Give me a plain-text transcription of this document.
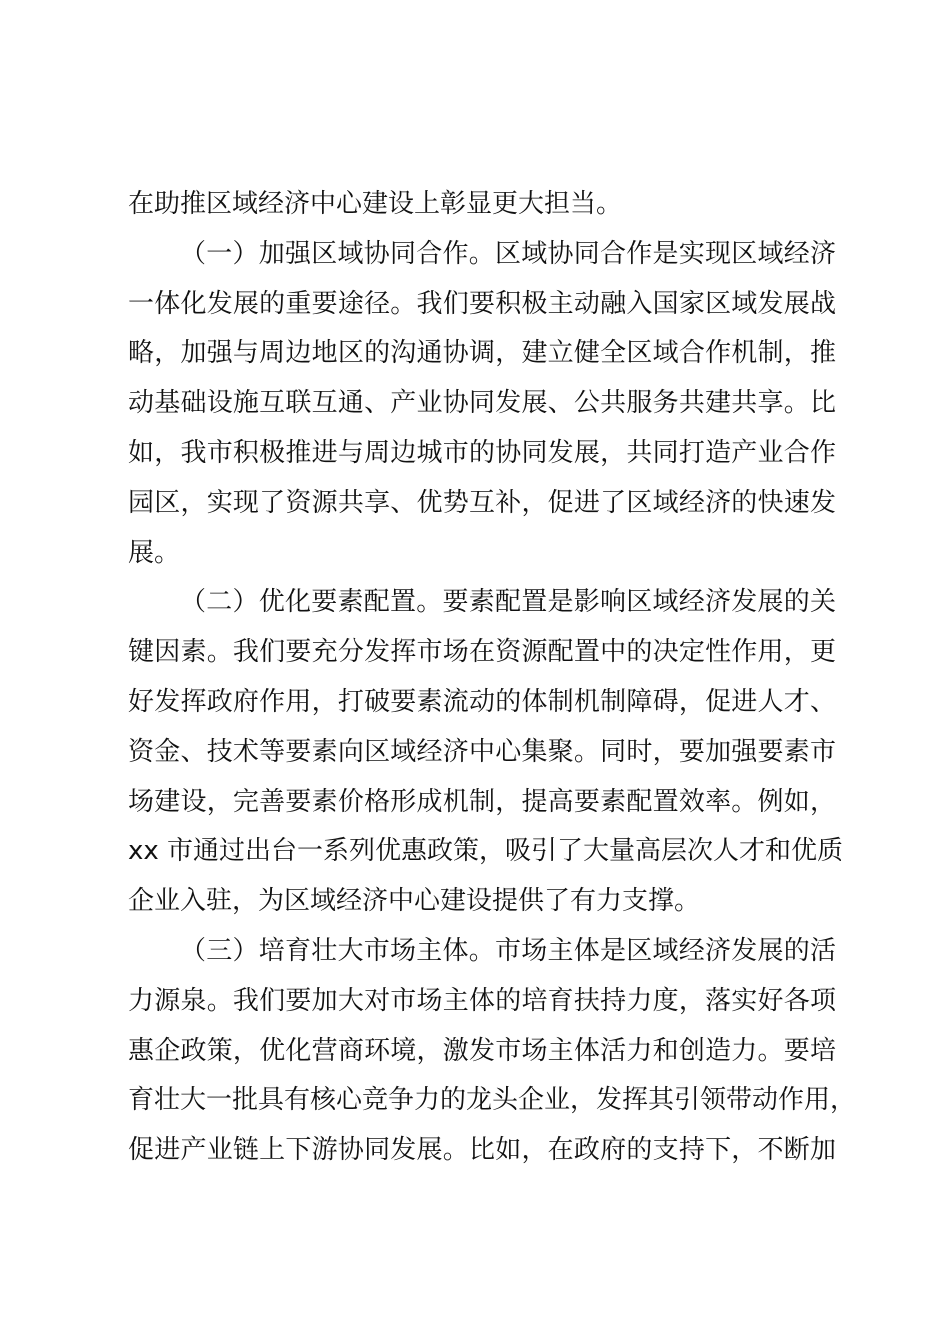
在助推区域经济中心建设上彰显更大担当。
（一）加强区域协同合作。区域协同合作是实现区域经济
一体化发展的重要途径。我们要积极主动融入国家区域发展战
略，加强与周边地区的沟通协调，建立健全区域合作机制，推
动基础设施互联互通、产业协同发展、公共服务共建共享。比
如，我市积极推进与周边城市的协同发展，共同打造产业合作
园区，实现了资源共享、优势互补，促进了区域经济的快速发
展。
（二）优化要素配置。要素配置是影响区域经济发展的关
键因素。我们要充分发挥市场在资源配置中的决定性作用，更
好发挥政府作用，打破要素流动的体制机制障碍，促进人才、
资金、技术等要素向区域经济中心集聚。同时，要加强要素市
场建设，完善要素价格形成机制，提高要素配置效率。例如，
xx 市通过出台一系列优惠政策，吸引了大量高层次人才和优质
企业入驻，为区域经济中心建设提供了有力支撑。
（三）培育壮大市场主体。市场主体是区域经济发展的活
力源泉。我们要加大对市场主体的培育扶持力度，落实好各项
惠企政策，优化营商环境，激发市场主体活力和创造力。要培
育壮大一批具有核心竞争力的龙头企业，发挥其引领带动作用，
促进产业链上下游协同发展。比如，在政府的支持下，不断加
